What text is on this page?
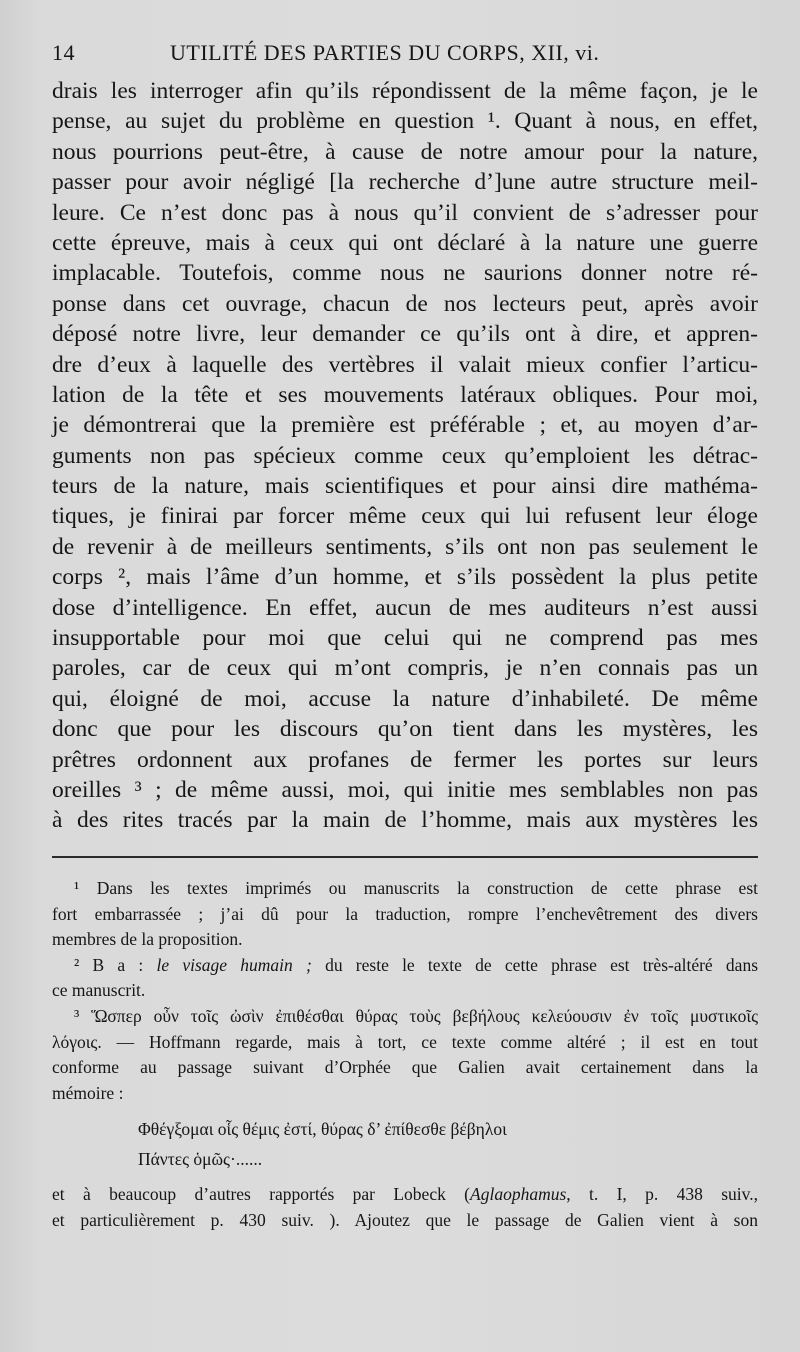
14	UTILITÉ DES PARTIES DU CORPS, XII, vi.
drais les interroger afin qu’ils répondissent de la même façon, je le
pense, au sujet du problème en question ¹. Quant à nous, en effet,
nous pourrions peut-être, à cause de notre amour pour la nature,
passer pour avoir négligé [la recherche d’]une autre structure meil-
leure. Ce n’est donc pas à nous qu’il convient de s’adresser pour
cette épreuve, mais à ceux qui ont déclaré à la nature une guerre
implacable. Toutefois, comme nous ne saurions donner notre ré-
ponse dans cet ouvrage, chacun de nos lecteurs peut, après avoir
déposé notre livre, leur demander ce qu’ils ont à dire, et appren-
dre d’eux à laquelle des vertèbres il valait mieux confier l’articu-
lation de la tête et ses mouvements latéraux obliques. Pour moi,
je démontrerai que la première est préférable ; et, au moyen d’ar-
guments non pas spécieux comme ceux qu’emploient les détrac-
teurs de la nature, mais scientifiques et pour ainsi dire mathéma-
tiques, je finirai par forcer même ceux qui lui refusent leur éloge
de revenir à de meilleurs sentiments, s’ils ont non pas seulement le
corps ², mais l’âme d’un homme, et s’ils possèdent la plus petite
dose d’intelligence. En effet, aucun de mes auditeurs n’est aussi
insupportable pour moi que celui qui ne comprend pas mes
paroles, car de ceux qui m’ont compris, je n’en connais pas un
qui, éloigné de moi, accuse la nature d’inhabileté. De même
donc que pour les discours qu’on tient dans les mystères, les
prêtres ordonnent aux profanes de fermer les portes sur leurs
oreilles ³ ; de même aussi, moi, qui initie mes semblables non pas
à des rites tracés par la main de l’homme, mais aux mystères les
¹ Dans les textes imprimés ou manuscrits la construction de cette phrase est
fort embarrassée ; j’ai dû pour la traduction, rompre l’enchevêtrement des divers
membres de la proposition.
² B a : le visage humain ; du reste le texte de cette phrase est très-altéré dans
ce manuscrit.
³ Ὥσπερ οὖν τοῖς ὠσὶν ἐπιθέσθαι θύρας τοὺς βεβήλους κελεύουσιν ἐν τοῖς μυστικοῖς
λόγοις. — Hoffmann regarde, mais à tort, ce texte comme altéré ; il est en tout
conforme au passage suivant d’Orphée que Galien avait certainement dans la
mémoire :
Φθέγξομαι οἷς θέμις ἐστί, θύρας δ’ ἐπίθεσθε βέβηλοι
Πάντες ὁμῶς·......
et à beaucoup d’autres rapportés par Lobeck (Aglaophamus, t. I, p. 438 suiv.,
et particulièrement p. 430 suiv. ). Ajoutez que le passage de Galien vient à son
